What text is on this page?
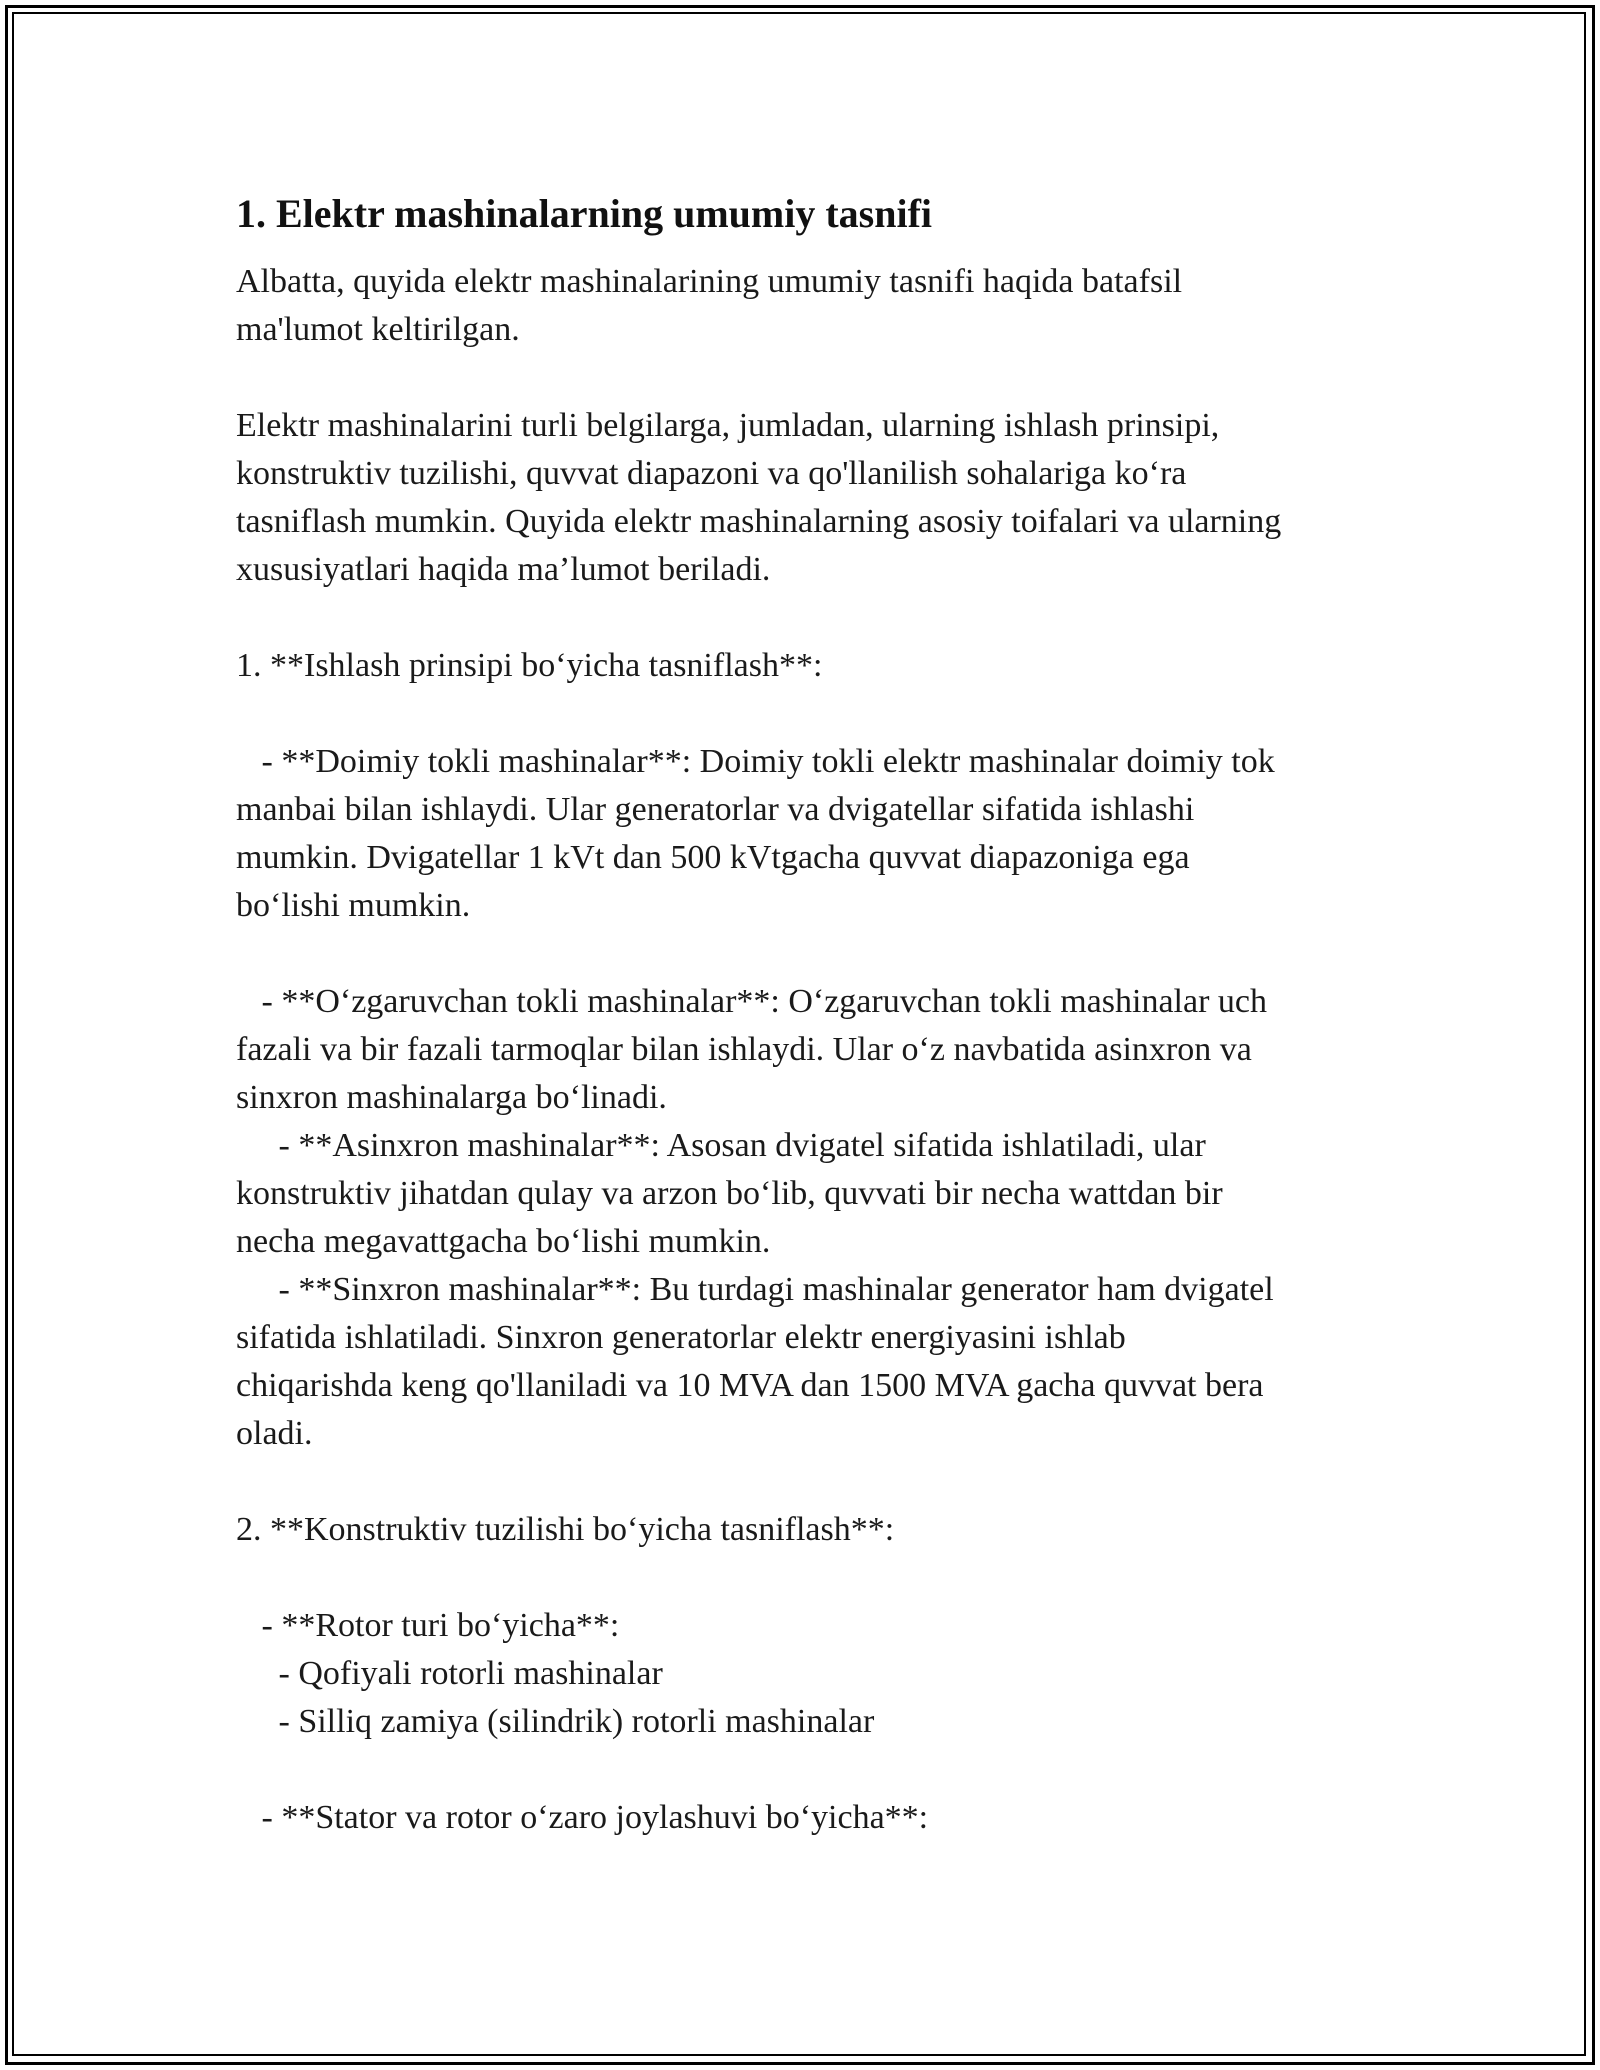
1. Elektr mashinalarning umumiy tasnifi

Albatta, quyida elektr mashinalarining umumiy tasnifi haqida batafsil
ma'lumot keltirilgan.

Elektr mashinalarini turli belgilarga, jumladan, ularning ishlash prinsipi,
konstruktiv tuzilishi, quvvat diapazoni va qo'llanilish sohalariga ko‘ra
tasniflash mumkin. Quyida elektr mashinalarning asosiy toifalari va ularning
xususiyatlari haqida ma’lumot beriladi.

1. **Ishlash prinsipi bo‘yicha tasniflash**:

- **Doimiy tokli mashinalar**: Doimiy tokli elektr mashinalar doimiy tok
manbai bilan ishlaydi. Ular generatorlar va dvigatellar sifatida ishlashi
mumkin. Dvigatellar 1 kVt dan 500 kVtgacha quvvat diapazoniga ega
bo‘lishi mumkin.

- **O‘zgaruvchan tokli mashinalar**: O‘zgaruvchan tokli mashinalar uch
fazali va bir fazali tarmoqlar bilan ishlaydi. Ular o‘z navbatida asinxron va
sinxron mashinalarga bo‘linadi.
- **Asinxron mashinalar**: Asosan dvigatel sifatida ishlatiladi, ular
konstruktiv jihatdan qulay va arzon bo‘lib, quvvati bir necha wattdan bir
necha megavattgacha bo‘lishi mumkin.
- **Sinxron mashinalar**: Bu turdagi mashinalar generator ham dvigatel
sifatida ishlatiladi. Sinxron generatorlar elektr energiyasini ishlab
chiqarishda keng qo'llaniladi va 10 MVA dan 1500 MVA gacha quvvat bera
oladi.

2. **Konstruktiv tuzilishi bo‘yicha tasniflash**:

- **Rotor turi bo‘yicha**:
- Qofiyali rotorli mashinalar
- Silliq zamiya (silindrik) rotorli mashinalar

- **Stator va rotor o‘zaro joylashuvi bo‘yicha**:
